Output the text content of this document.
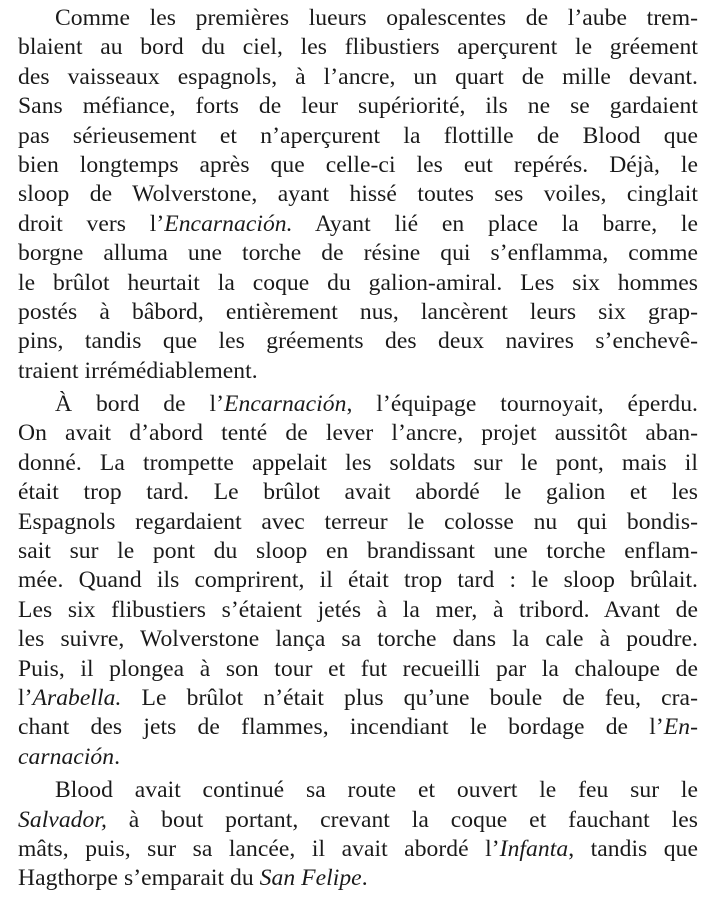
Comme les premières lueurs opalescentes de l’aube trem-
blaient au bord du ciel, les flibustiers aperçurent le gréement
des vaisseaux espagnols, à l’ancre, un quart de mille devant.
Sans méfiance, forts de leur supériorité, ils ne se gardaient
pas sérieusement et n’aperçurent la flottille de Blood que
bien longtemps après que celle-ci les eut repérés. Déjà, le
sloop de Wolverstone, ayant hissé toutes ses voiles, cinglait
droit vers l’Encarnación. Ayant lié en place la barre, le
borgne alluma une torche de résine qui s’enflamma, comme
le brûlot heurtait la coque du galion-amiral. Les six hommes
postés à bâbord, entièrement nus, lancèrent leurs six grap-
pins, tandis que les gréements des deux navires s’enchevê-
traient irrémédiablement.
À bord de l’Encarnación, l’équipage tournoyait, éperdu.
On avait d’abord tenté de lever l’ancre, projet aussitôt aban-
donné. La trompette appelait les soldats sur le pont, mais il
était trop tard. Le brûlot avait abordé le galion et les
Espagnols regardaient avec terreur le colosse nu qui bondis-
sait sur le pont du sloop en brandissant une torche enflam-
mée. Quand ils comprirent, il était trop tard : le sloop brûlait.
Les six flibustiers s’étaient jetés à la mer, à tribord. Avant de
les suivre, Wolverstone lança sa torche dans la cale à poudre.
Puis, il plongea à son tour et fut recueilli par la chaloupe de
l’Arabella. Le brûlot n’était plus qu’une boule de feu, cra-
chant des jets de flammes, incendiant le bordage de l’En-
carnación.
Blood avait continué sa route et ouvert le feu sur le
Salvador, à bout portant, crevant la coque et fauchant les
mâts, puis, sur sa lancée, il avait abordé l’Infanta, tandis que
Hagthorpe s’emparait du San Felipe.
